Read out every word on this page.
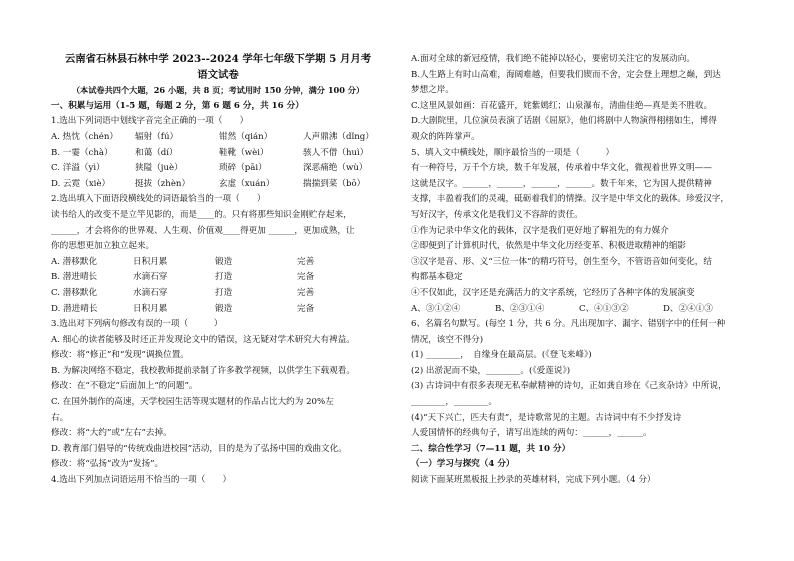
云南省石林县石林中学 2023--2024 学年七年级下学期 5 月月考
语文试卷
（本试卷共四个大题，26 小题，共 8 页；考试用时 150 分钟，满分 100 分）
一、积累与运用（1-5 题，每题 2 分，第 6 题 6 分，共 16 分）
1.选出下列词语中划线字音完全正确的一项（　　）
A. 热忱（chén）	辐射（fú）	钳然（qián）	人声鼎沸（dǐng）
B. 一霎（chà）	和蔼（dí）	鞋靴（wèi）	骇人不借（huì）
C. 洋溢（yì）	狭隘（juè）	琐碎（pāi）	深恶痛绝（wù）
D. 云霓（xiè）	挺拔（zhèn）	玄虚（xuán）	揣揣到菜（bō）
2.选出填入下面语段横线处的词语最恰当的一项（　　）
读书给人的改变不是立竿见影的，而是____的。只有将那些知识金刚贮存起来，
______，才会将你的世界观、人生观、价值观____得更加 ______，更加成熟，让
你的思想更加立独立起来。
A. 潜移默化	日积月累	锻造	完善
B. 潜进晴长	水滴石穿	打造	完备
C. 潜移默化	水滴石穿	打造	完善
D. 潜进晴长	日积月累	锻造	完备
3.选出对下列病句修改有误的一项（　　　）
A. 细心的读者能够及时还正并发现论文中的错误，这无疑对学术研究大有裨益。
修改：将“修正”和“发现”调换位置。
B. 为解决网络不稳定，我校教师提前录制了许多教学视频，以供学生下载观看。
修改：在“不稳定”后面加上“的问题”。
C. 在国外制作的高速，天学校园生活等现实题材的作品占比大约为 20%左
右。
修改：将“大约”或“左右”去掉。
D. 教育部门倡导的“传统戏曲进校园”活动，目的是为了弘扬中国的戏曲文化。
修改：将“弘扬”改为“发扬”。
4.选出下列加点词语运用不恰当的一项（　　）
A.面对全球的新冠疫情，我们绝不能掉以轻心，要密切关注它的发展动向。
B.人生路上有时山高难，海阔难越，但要我们锲而不舍，定会登上理想之巅，到达
梦想之岸。
C.这里风景如画：百花盛开，姹紫嫣红；山泉瀑布，清曲佳绝—真是美不胜收。
D.大剧院里，几位演员表演了话剧《屈原》，他们将剧中人物演得栩栩如生，博得
观众的阵阵掌声。
5、填入文中横线处，顺序最恰当的一项是（　　　）
有一种符号，万千个方块，数千年发展，传承着中华文化，微视着世界文明——
这就是汉字。______，______，______，______。数千年来，它为国人提供精神
支撑，丰盈着我们的灵魂，砥砺着我们的情操。汉字是中华文化的载体。珍爱汉字，
写好汉字，传承文化是我们义不容辞的责任。
①作为记录中华文化的载体，汉字是我们更好地了解祖先的有力媒介
②即便到了计算机时代，依然是中华文化历经变革、积极进取精神的缩影
③汉字是音、形、义“三位一体”的精巧符号，创生至今，不管语音如何变化，结
构都基本稳定
④不仅如此，汉字还是充满活力的文字系统，它经历了各种字体的发展演变
A、③①②④	B、②③①④	C、④①③②	D、②④①③
6、名篇名句默写。(每空 1 分，共 6 分。凡出现加字、漏字、错别字中的任何一种
情况，该空不得分)
(1) ________，　自缘身在最高层。(《登飞来峰》)
(2) 出淤泥而不染，________。(《爱莲说》)
(3) 古诗词中有很多表现无私奉献精神的诗句，正如龚自珍在《己亥杂诗》中所说，
________，________。
(4)“天下兴亡，匹夫有责”，是诗歌常见的主题。古诗词中有不少抒发诗
人爱国情怀的经典句子，请写出连续的两句：______，______。
二、综合性学习（7—11 题，共 10 分）
（一）学习与探究（4 分）
阅读下面某班黑板报上抄录的英雄材料，完成下列小题。（4 分）
